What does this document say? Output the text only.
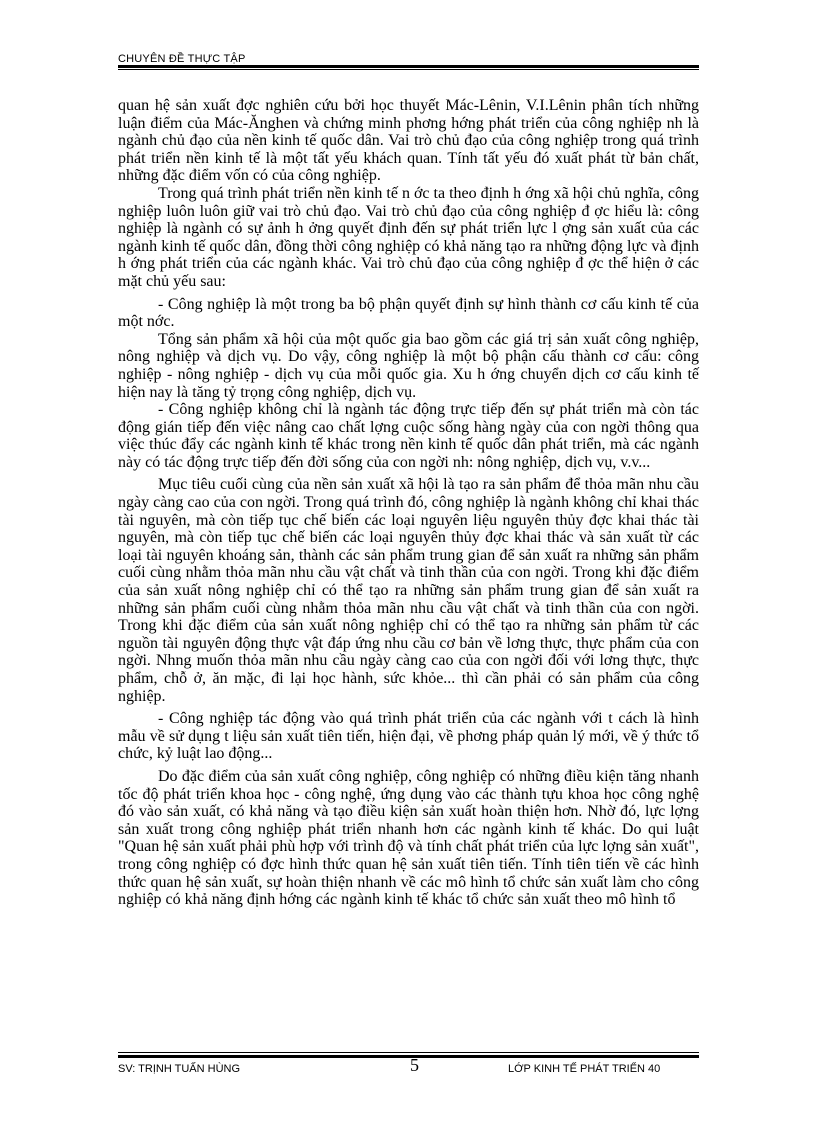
CHUYÊN ĐỀ THỰC TẬP

quan hệ sản xuất đợc nghiên cứu bởi học thuyết Mác-Lênin, V.I.Lênin phân tích những luận điểm của Mác-Ănghen và chứng minh phơng hớng phát triển của công nghiệp nh là ngành chủ đạo của nền kinh tế quốc dân. Vai trò chủ đạo của công nghiệp trong quá trình phát triển nền kinh tế là một tất yếu khách quan. Tính tất yếu đó xuất phát từ bản chất, những đặc điểm vốn có của công nghiệp.

Trong quá trình phát triển nền kinh tế n ớc ta theo định h ớng xã hội chủ nghĩa, công nghiệp luôn luôn giữ vai trò chủ đạo. Vai trò chủ đạo của công nghiệp đ ợc hiểu là: công nghiệp là ngành có sự ảnh h ởng quyết định đến sự phát triển lực l ợng sản xuất của các ngành kinh tế quốc dân, đồng thời công nghiệp có khả năng tạo ra những động lực và định h ớng phát triển của các ngành khác. Vai trò chủ đạo của công nghiệp đ ợc thể hiện ở các mặt chủ yếu sau:

- Công nghiệp là một trong ba bộ phận quyết định sự hình thành cơ cấu kinh tế của một nớc.

Tổng sản phẩm xã hội của một quốc gia bao gồm các giá trị sản xuất công nghiệp, nông nghiệp và dịch vụ. Do vậy, công nghiệp là một bộ phận cấu thành cơ cấu: công nghiệp - nông nghiệp - dịch vụ của mỗi quốc gia. Xu h ớng chuyển dịch cơ cấu kinh tế hiện nay là tăng tỷ trọng công nghiệp, dịch vụ.

- Công nghiệp không chỉ là ngành tác động trực tiếp đến sự phát triển mà còn tác động gián tiếp đến việc nâng cao chất lợng cuộc sống hàng ngày của con ngời thông qua việc thúc đẩy các ngành kinh tế khác trong nền kinh tế quốc dân phát triển, mà các ngành này có tác động trực tiếp đến đời sống của con ngời nh: nông nghiệp, dịch vụ, v.v...

Mục tiêu cuối cùng của nền sản xuất xã hội là tạo ra sản phẩm để thỏa mãn nhu cầu ngày càng cao của con ngời. Trong quá trình đó, công nghiệp là ngành không chỉ khai thác tài nguyên, mà còn tiếp tục chế biến các loại nguyên liệu nguyên thủy đợc khai thác tài nguyên, mà còn tiếp tục chế biến các loại nguyên thủy đợc khai thác và sản xuất từ các loại tài nguyên khoáng sản, thành các sản phẩm trung gian để sản xuất ra những sản phẩm cuối cùng nhằm thỏa mãn nhu cầu vật chất và tinh thần của con ngời. Trong khi đặc điểm của sản xuất nông nghiệp chỉ có thể tạo ra những sản phẩm trung gian để sản xuất ra những sản phẩm cuối cùng nhằm thỏa mãn nhu cầu vật chất và tinh thần của con ngời. Trong khi đặc điểm của sản xuất nông nghiệp chỉ có thể tạo ra những sản phẩm từ các nguồn tài nguyên động thực vật đáp ứng nhu cầu cơ bản về lơng thực, thực phẩm của con ngời. Nhng muốn thỏa mãn nhu cầu ngày càng cao của con ngời đối với lơng thực, thực phẩm, chỗ ở, ăn mặc, đi lại học hành, sức khỏe... thì cần phải có sản phẩm của công nghiệp.

- Công nghiệp tác động vào quá trình phát triển của các ngành với t cách là hình mẫu về sử dụng t liệu sản xuất tiên tiến, hiện đại, về phơng pháp quản lý mới, về ý thức tổ chức, kỷ luật lao động...

Do đặc điểm của sản xuất công nghiệp, công nghiệp có những điều kiện tăng nhanh tốc độ phát triển khoa học - công nghệ, ứng dụng vào các thành tựu khoa học công nghệ đó vào sản xuất, có khả năng và tạo điều kiện sản xuất hoàn thiện hơn. Nhờ đó, lực lợng sản xuất trong công nghiệp phát triển nhanh hơn các ngành kinh tế khác. Do qui luật "Quan hệ sản xuất phải phù hợp với trình độ và tính chất phát triển của lực lợng sản xuất", trong công nghiệp có đợc hình thức quan hệ sản xuất tiên tiến. Tính tiên tiến về các hình thức quan hệ sản xuất, sự hoàn thiện nhanh về các mô hình tổ chức sản xuất làm cho công nghiệp có khả năng định hớng các ngành kinh tế khác tổ chức sản xuất theo mô hình tổ

SV: TRỊNH TUẤN HÙNG	5	LỚP KINH TẾ PHÁT TRIỂN 40
